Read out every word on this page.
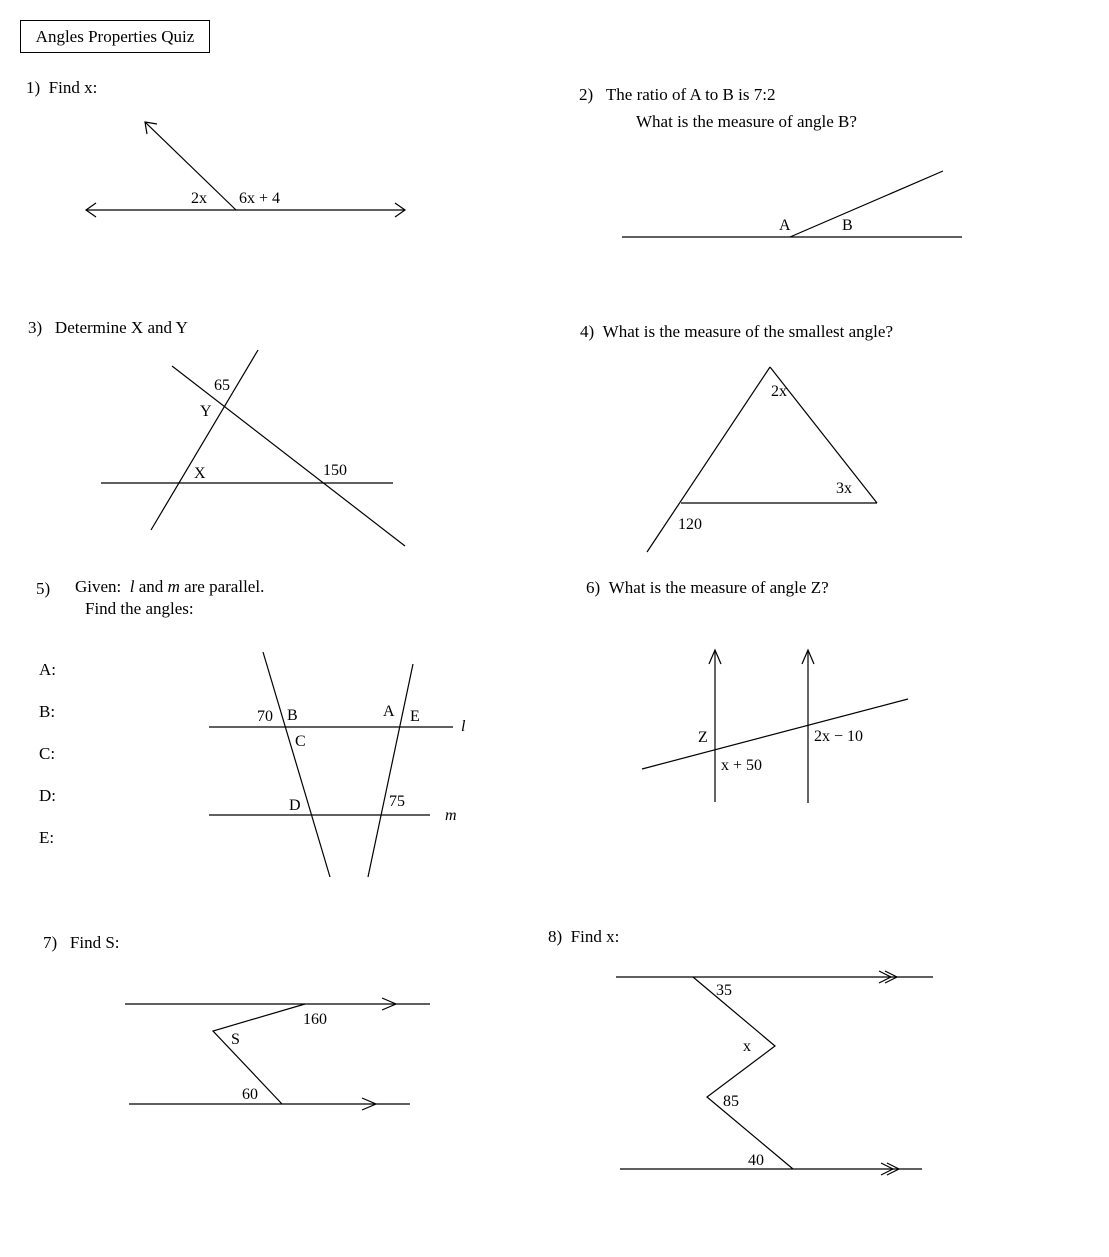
Angles Properties Quiz
1) Find x:	2) The ratio of A to B is 7:2
What is the measure of angle B?
3) Determine X and Y	4) What is the measure of the smallest angle?
5) Given: l and m are parallel.
Find the angles:
A:
B:
C:
D:
E:
6) What is the measure of angle Z?
7) Find S:	8) Find x:
2x 6x + 4
A	B
65
Y
X	150
2x
3x
120
70 B
C
A E
D	75
l
m
Z
x + 50
2x − 10
160
S
60
35
x
85
40
